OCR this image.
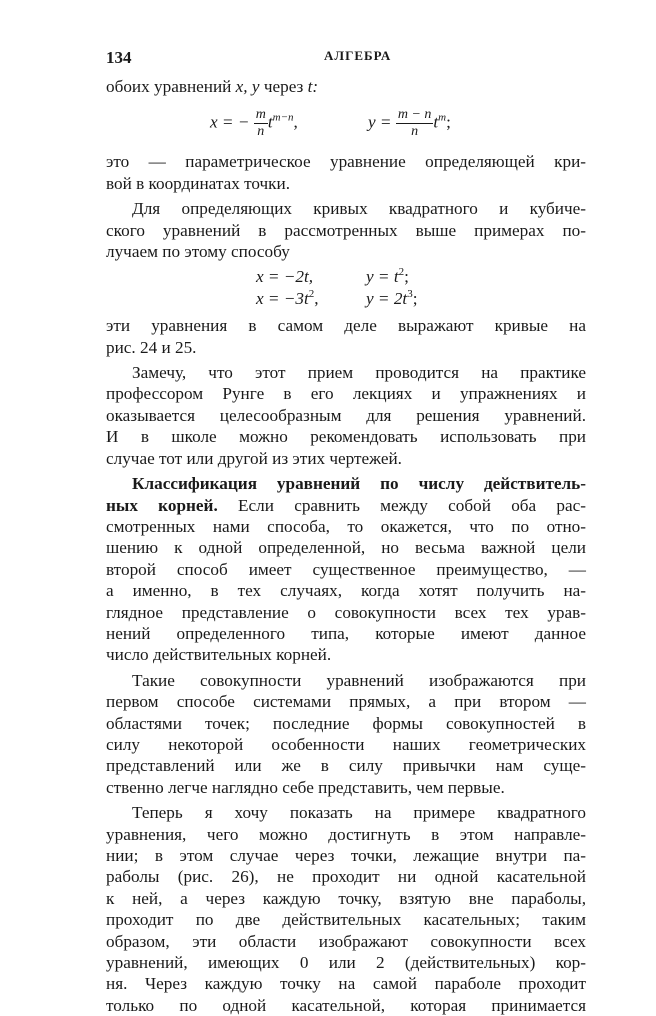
134	АЛГЕБРА
обоих уравнений x, y через t:
x = − $\frac{m}{n} t^{m-n}$,	$y = \frac{m - n}{n} t^m$;
это — параметрическое уравнение определяющей кри-
вой в координатах точки.
Для определяющих кривых квадратного и кубиче-
ского уравнений в рассмотренных выше примерах по-
лучаем по этому способу
x = −2t,	$y = t^2$;
$x = -3t^2$,	$y = 2t^3$;
эти уравнения в самом деле выражают кривые на
рис. 24 и 25.
Замечу, что этот прием проводится на практике
профессором Рунге в его лекциях и упражнениях и
оказывается целесообразным для решения уравнений.
И в школе можно рекомендовать использовать при
случае тот или другой из этих чертежей.
Классификация уравнений по числу действитель-
ных корней. Если сравнить между собой оба рас-
смотренных нами способа, то окажется, что по отно-
шению к одной определенной, но весьма важной цели
второй способ имеет существенное преимущество, —
а именно, в тех случаях, когда хотят получить на-
глядное представление о совокупности всех тех урав-
нений определенного типа, которые имеют данное
число действительных корней.
Такие совокупности уравнений изображаются при
первом способе системами прямых, а при втором —
областями точек; последние формы совокупностей в
силу некоторой особенности наших геометрических
представлений или же в силу привычки нам суще-
ственно легче наглядно себе представить, чем первые.
Теперь я хочу показать на примере квадратного
уравнения, чего можно достигнуть в этом направле-
нии; в этом случае через точки, лежащие внутри па-
раболы (рис. 26), не проходит ни одной касательной
к ней, а через каждую точку, взятую вне параболы,
проходит по две действительных касательных; таким
образом, эти области изображают совокупности всех
уравнений, имеющих 0 или 2 (действительных) кор-
ня. Через каждую точку на самой параболе проходит
только по одной касательной, которая принимается
